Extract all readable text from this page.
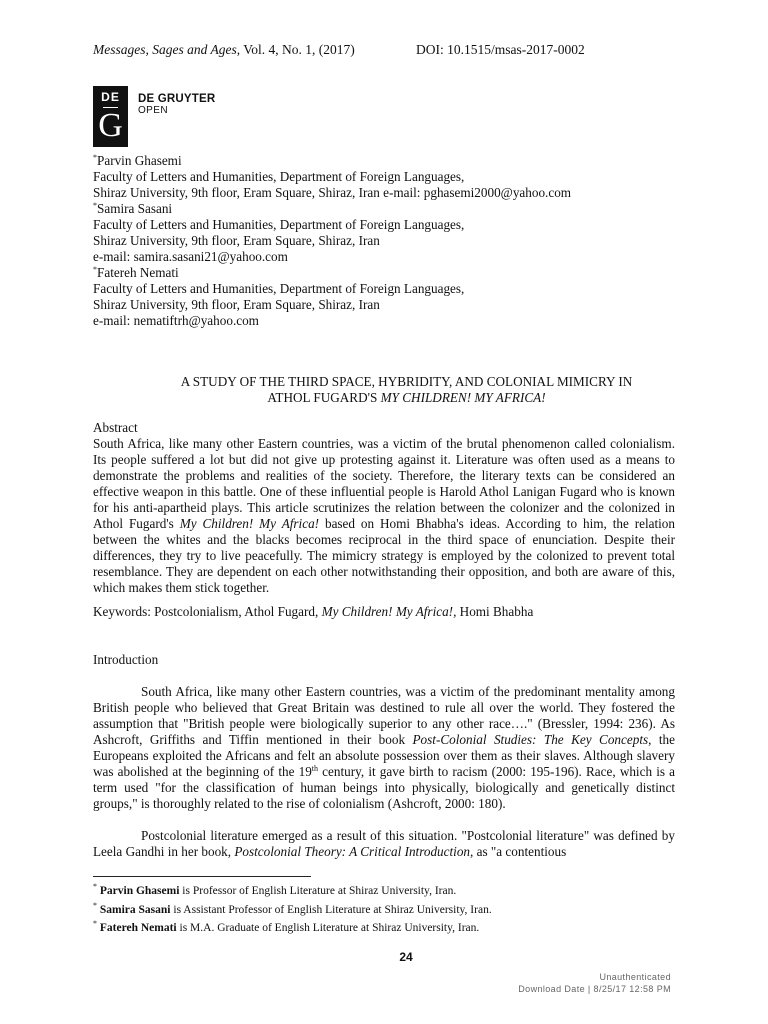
Messages, Sages and Ages, Vol. 4, No. 1, (2017)	DOI: 10.1515/msas-2017-0002
DE
G
DE GRUYTER
OPEN
*Parvin Ghasemi
Faculty of Letters and Humanities, Department of Foreign Languages,
Shiraz University, 9th floor, Eram Square, Shiraz, Iran e-mail: pghasemi2000@yahoo.com
*Samira Sasani
Faculty of Letters and Humanities, Department of Foreign Languages,
Shiraz University, 9th floor, Eram Square, Shiraz, Iran
e-mail: samira.sasani21@yahoo.com
*Fatereh Nemati
Faculty of Letters and Humanities, Department of Foreign Languages,
Shiraz University, 9th floor, Eram Square, Shiraz, Iran
e-mail: nematiftrh@yahoo.com
A STUDY OF THE THIRD SPACE, HYBRIDITY, AND COLONIAL MIMICRY IN
ATHOL FUGARD'S MY CHILDREN! MY AFRICA!
Abstract

South Africa, like many other Eastern countries, was a victim of the brutal phenomenon called colonialism. Its people suffered a lot but did not give up protesting against it. Literature was often used as a means to demonstrate the problems and realities of the society. Therefore, the literary texts can be considered an effective weapon in this battle. One of these influential people is Harold Athol Lanigan Fugard who is known for his anti-apartheid plays. This article scrutinizes the relation between the colonizer and the colonized in Athol Fugard's My Children! My Africa! based on Homi Bhabha's ideas. According to him, the relation between the whites and the blacks becomes reciprocal in the third space of enunciation. Despite their differences, they try to live peacefully. The mimicry strategy is employed by the colonized to prevent total resemblance. They are dependent on each other notwithstanding their opposition, and both are aware of this, which makes them stick together.

Keywords: Postcolonialism, Athol Fugard, My Children! My Africa!, Homi Bhabha
Introduction

South Africa, like many other Eastern countries, was a victim of the predominant mentality among British people who believed that Great Britain was destined to rule all over the world. They fostered the assumption that "British people were biologically superior to any other race…." (Bressler, 1994: 236). As Ashcroft, Griffiths and Tiffin mentioned in their book Post-Colonial Studies: The Key Concepts, the Europeans exploited the Africans and felt an absolute possession over them as their slaves. Although slavery was abolished at the beginning of the 19th century, it gave birth to racism (2000: 195-196). Race, which is a term used "for the classification of human beings into physically, biologically and genetically distinct groups," is thoroughly related to the rise of colonialism (Ashcroft, 2000: 180).

Postcolonial literature emerged as a result of this situation. "Postcolonial literature" was defined by Leela Gandhi in her book, Postcolonial Theory: A Critical Introduction, as "a contentious

* Parvin Ghasemi is Professor of English Literature at Shiraz University, Iran.
* Samira Sasani is Assistant Professor of English Literature at Shiraz University, Iran.
* Fatereh Nemati is M.A. Graduate of English Literature at Shiraz University, Iran.
24
Unauthenticated
Download Date | 8/25/17 12:58 PM
